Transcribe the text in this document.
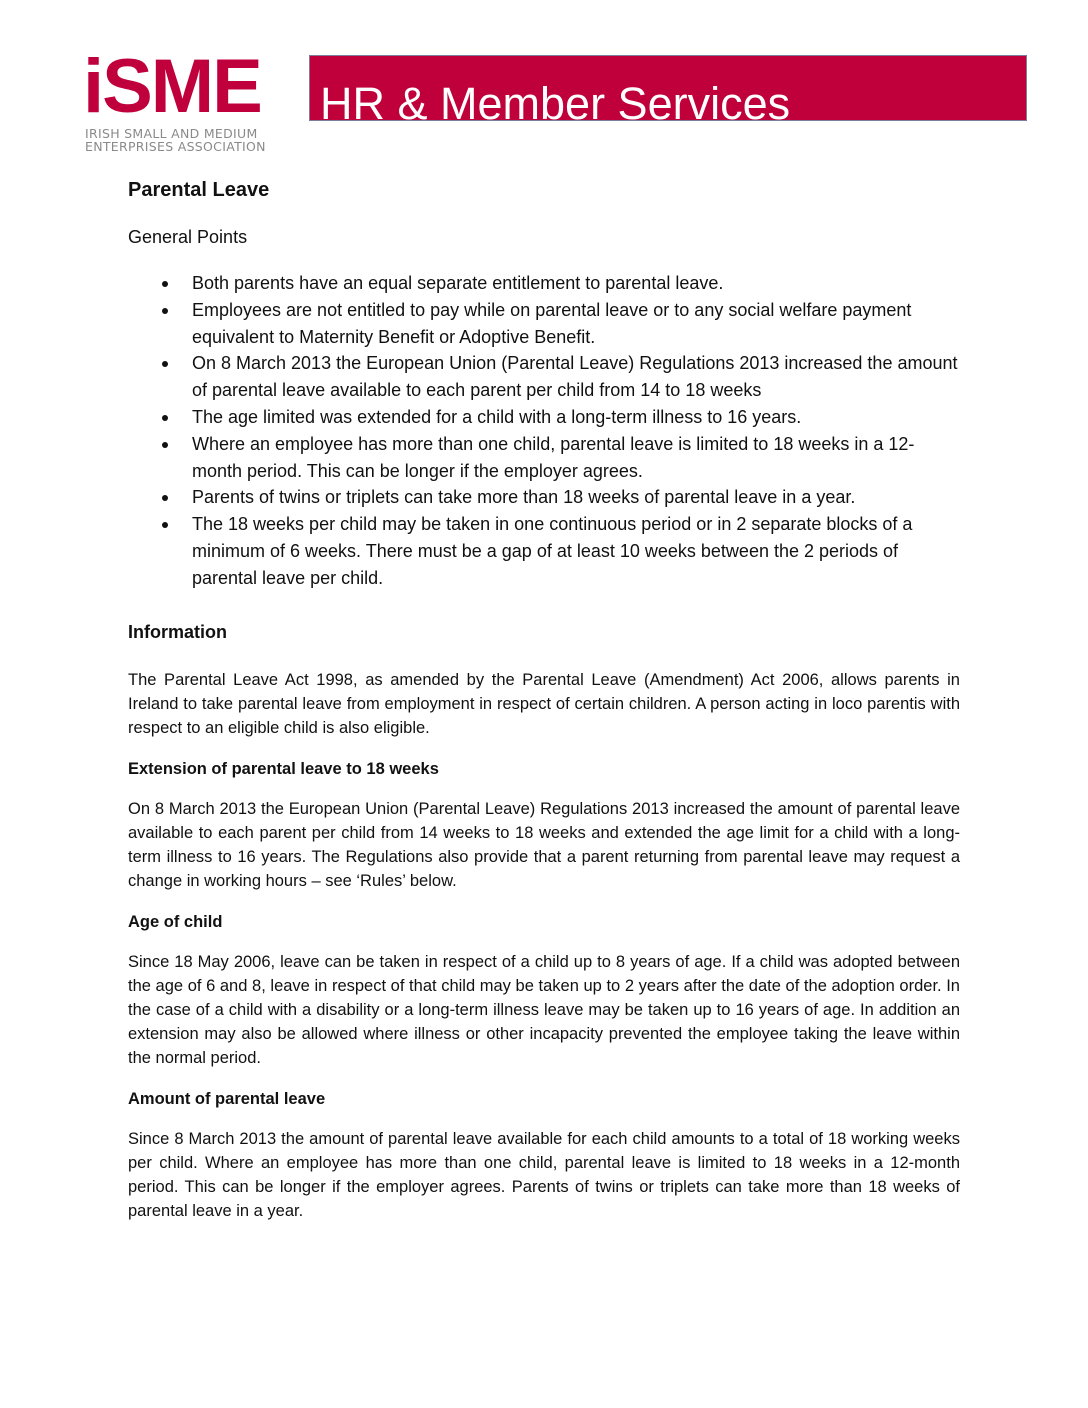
iSME
IRISH SMALL AND MEDIUM
ENTERPRISES ASSOCIATION
HR & Member Services
Parental Leave
General Points
Both parents have an equal separate entitlement to parental leave.
Employees are not entitled to pay while on parental leave or to any social welfare payment equivalent to Maternity Benefit or Adoptive Benefit.
On 8 March 2013 the European Union (Parental Leave) Regulations 2013 increased the amount of parental leave available to each parent per child from 14 to 18 weeks
The age limited was extended for a child with a long-term illness to 16 years.
Where an employee has more than one child, parental leave is limited to 18 weeks in a 12-month period. This can be longer if the employer agrees.
Parents of twins or triplets can take more than 18 weeks of parental leave in a year.
The 18 weeks per child may be taken in one continuous period or in 2 separate blocks of a minimum of 6 weeks. There must be a gap of at least 10 weeks between the 2 periods of parental leave per child.
Information

The Parental Leave Act 1998, as amended by the Parental Leave (Amendment) Act 2006, allows parents in Ireland to take parental leave from employment in respect of certain children. A person acting in loco parentis with respect to an eligible child is also eligible.

Extension of parental leave to 18 weeks

On 8 March 2013 the European Union (Parental Leave) Regulations 2013 increased the amount of parental leave available to each parent per child from 14 weeks to 18 weeks and extended the age limit for a child with a long-term illness to 16 years. The Regulations also provide that a parent returning from parental leave may request a change in working hours – see ‘Rules’ below.

Age of child

Since 18 May 2006, leave can be taken in respect of a child up to 8 years of age. If a child was adopted between the age of 6 and 8, leave in respect of that child may be taken up to 2 years after the date of the adoption order. In the case of a child with a disability or a long-term illness leave may be taken up to 16 years of age. In addition an extension may also be allowed where illness or other incapacity prevented the employee taking the leave within the normal period.

Amount of parental leave

Since 8 March 2013 the amount of parental leave available for each child amounts to a total of 18 working weeks per child. Where an employee has more than one child, parental leave is limited to 18 weeks in a 12-month period. This can be longer if the employer agrees. Parents of twins or triplets can take more than 18 weeks of parental leave in a year.
